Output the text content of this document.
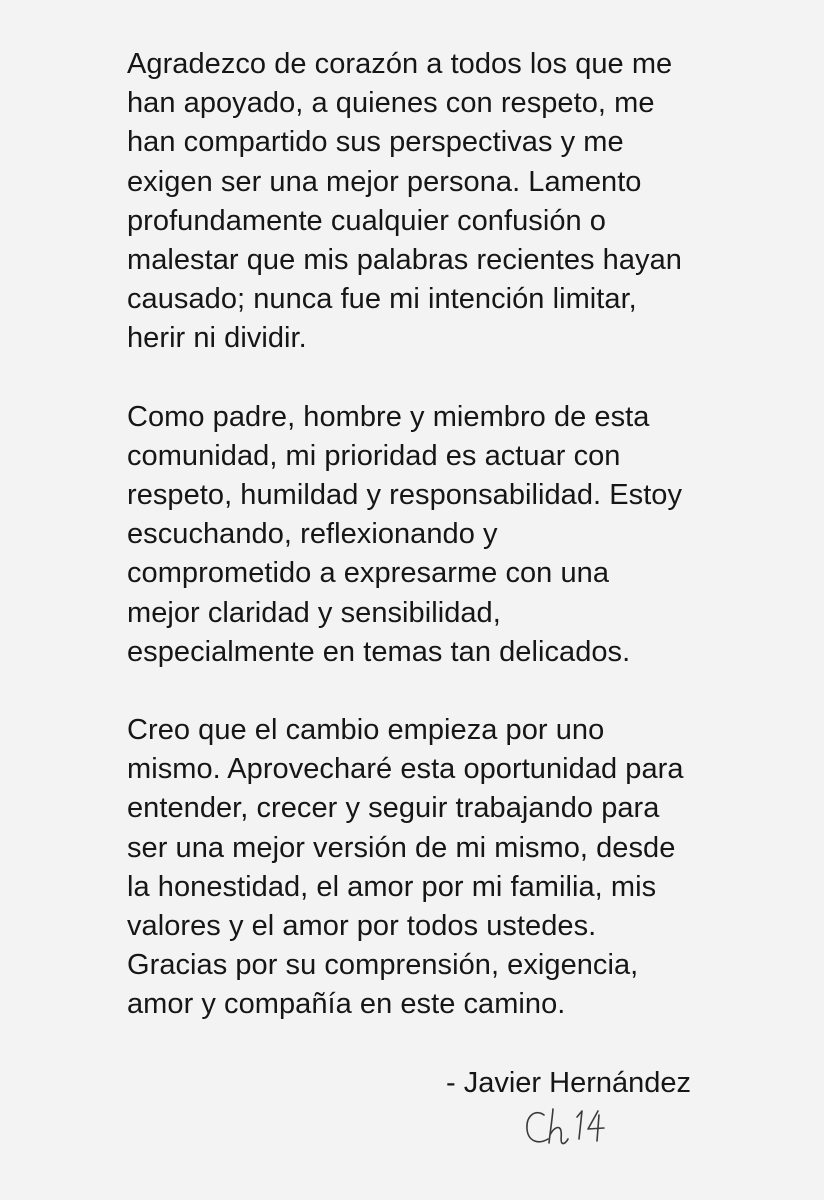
Agradezco de corazón a todos los que me
han apoyado, a quienes con respeto, me
han compartido sus perspectivas y me
exigen ser una mejor persona. Lamento
profundamente cualquier confusión o
malestar que mis palabras recientes hayan
causado; nunca fue mi intención limitar,
herir ni dividir.

Como padre, hombre y miembro de esta
comunidad, mi prioridad es actuar con
respeto, humildad y responsabilidad. Estoy
escuchando, reflexionando y
comprometido a expresarme con una
mejor claridad y sensibilidad,
especialmente en temas tan delicados.

Creo que el cambio empieza por uno
mismo. Aprovecharé esta oportunidad para
entender, crecer y seguir trabajando para
ser una mejor versión de mi mismo, desde
la honestidad, el amor por mi familia, mis
valores y el amor por todos ustedes.
Gracias por su comprensión, exigencia,
amor y compañía en este camino.

- Javier Hernández
